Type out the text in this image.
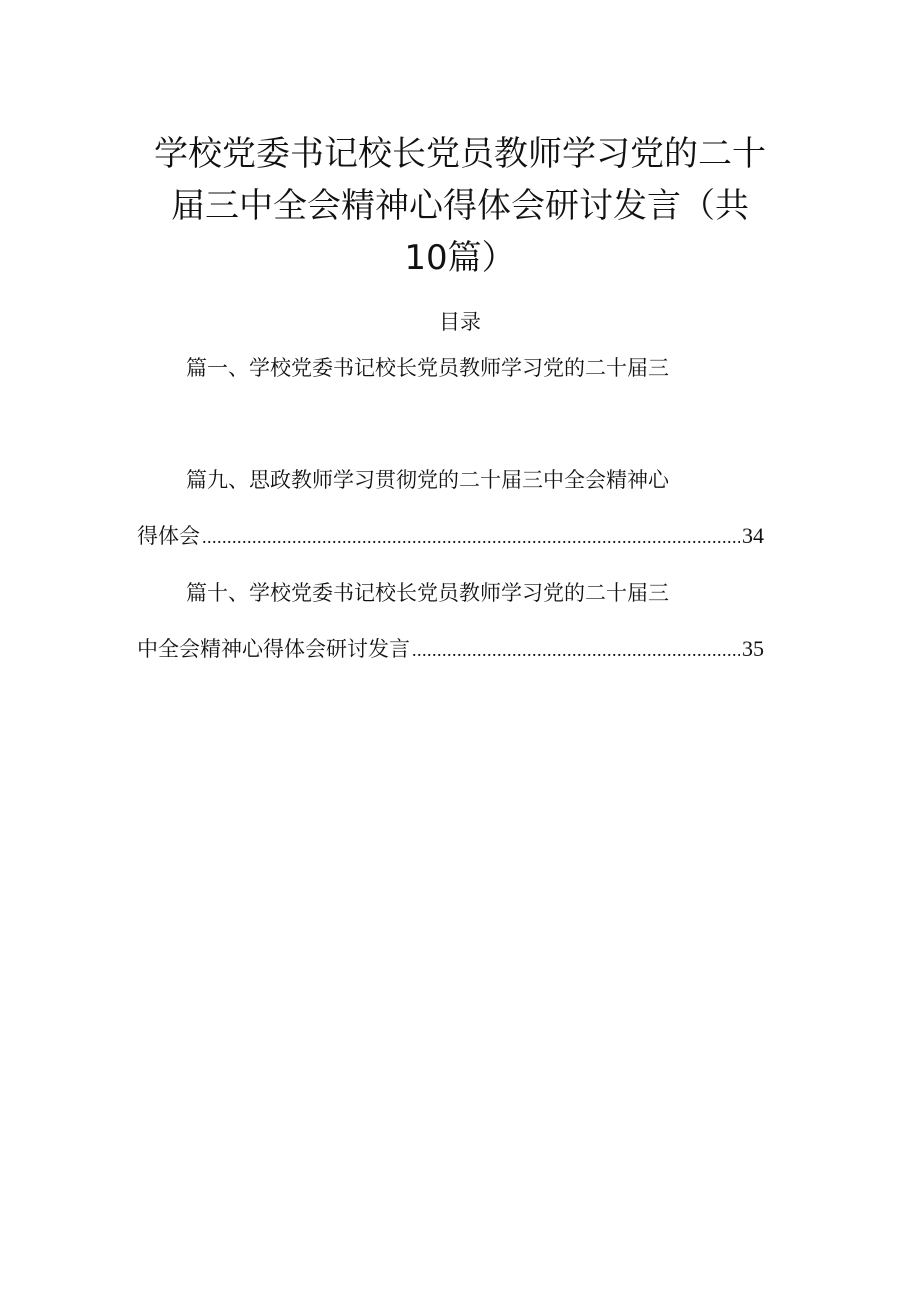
学校党委书记校长党员教师学习党的二十届三中全会精神心得体会研讨发言（共10篇）
目录
篇一、学校党委书记校长党员教师学习党的二十届三
篇九、思政教师学习贯彻党的二十届三中全会精神心
得体会 .....	34
篇十、学校党委书记校长党员教师学习党的二十届三
中全会精神心得体会研讨发言 .....	35
